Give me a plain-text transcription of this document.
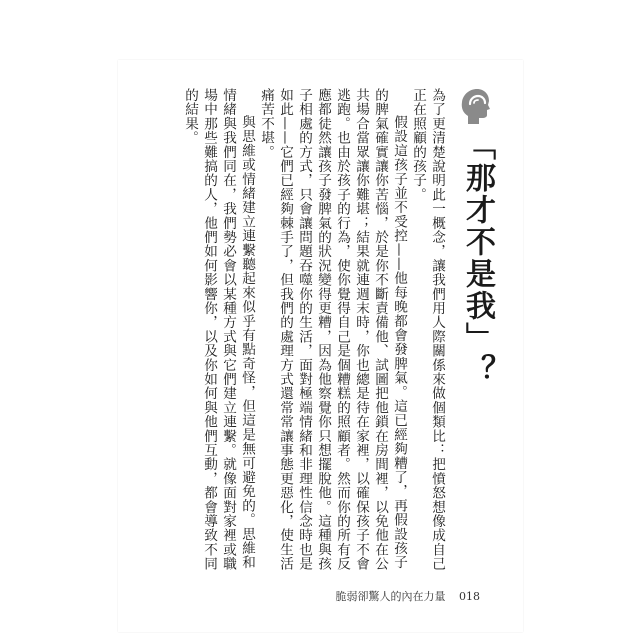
「那才不是我」？

為了更清楚說明此一概念，讓我們用人際關係來做個類比：把憤怒想像成自己正在照顧的孩子。

假設這孩子並不受控——他每晚都會發脾氣。這已經夠糟了，再假設孩子的脾氣確實讓你苦惱，於是你不斷責備他、試圖把他鎖在房間裡，以免他在公共場合當眾讓你難堪；結果就連週末時，你也總是待在家裡，以確保孩子不會逃跑。也由於孩子的行為，使你覺得自己是個糟糕的照顧者。然而你的所有反應都徒然讓孩子發脾氣的狀況變得更糟，因為他察覺你只想擺脫他。這種與孩子相處的方式，只會讓問題吞噬你的生活，面對極端情緒和非理性信念時也是如此——它們已經夠棘手了，但我們的處理方式還常常讓事態更惡化，使生活痛苦不堪。

與思維或情緒建立連繫聽起來似乎有點奇怪，但這是無可避免的。思維和情緒與我們同在，我們勢必會以某種方式與它們建立連繫。就像面對家裡或職場中那些難搞的人，他們如何影響你，以及你如何與他們互動，都會導致不同的結果。

脆弱卻驚人的內在力量 018
